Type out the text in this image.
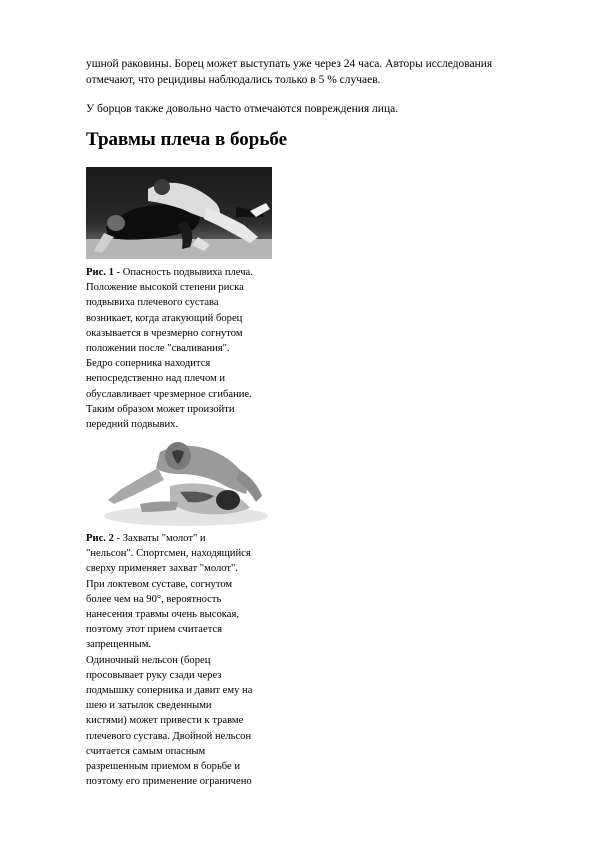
ушной раковины. Борец может выступать уже через 24 часа. Авторы исследования
отмечают, что рецидивы наблюдались только в 5 % случаев.

У борцов также довольно часто отмечаются повреждения лица.

Травмы плеча в борьбе

Рис. 1 - Опасность подвывиха плеча.
Положение высокой степени риска
подвывиха плечевого сустава
возникает, когда атакующий борец
оказывается в чрезмерно согнутом
положении после "сваливания".
Бедро соперника находится
непосредственно над плечом и
обуславливает чрезмерное сгибание.
Таким образом может произойти
передний подвывих.

Рис. 2 - Захваты "молот" и
"нельсон". Спортсмен, находящийся
сверху применяет захват "молот".
При локтевом суставе, согнутом
более чем на 90°, вероятность
нанесения травмы очень высокая,
поэтому этот прием считается
запрещенным.
Одиночный нельсон (борец
просовывает руку сзади через
подмышку соперника и давит ему на
шею и затылок сведенными
кистями) может привести к травме
плечевого сустава. Двойной нельсон
считается самым опасным
разрешенным приемом в борьбе и
поэтому его применение ограничено
